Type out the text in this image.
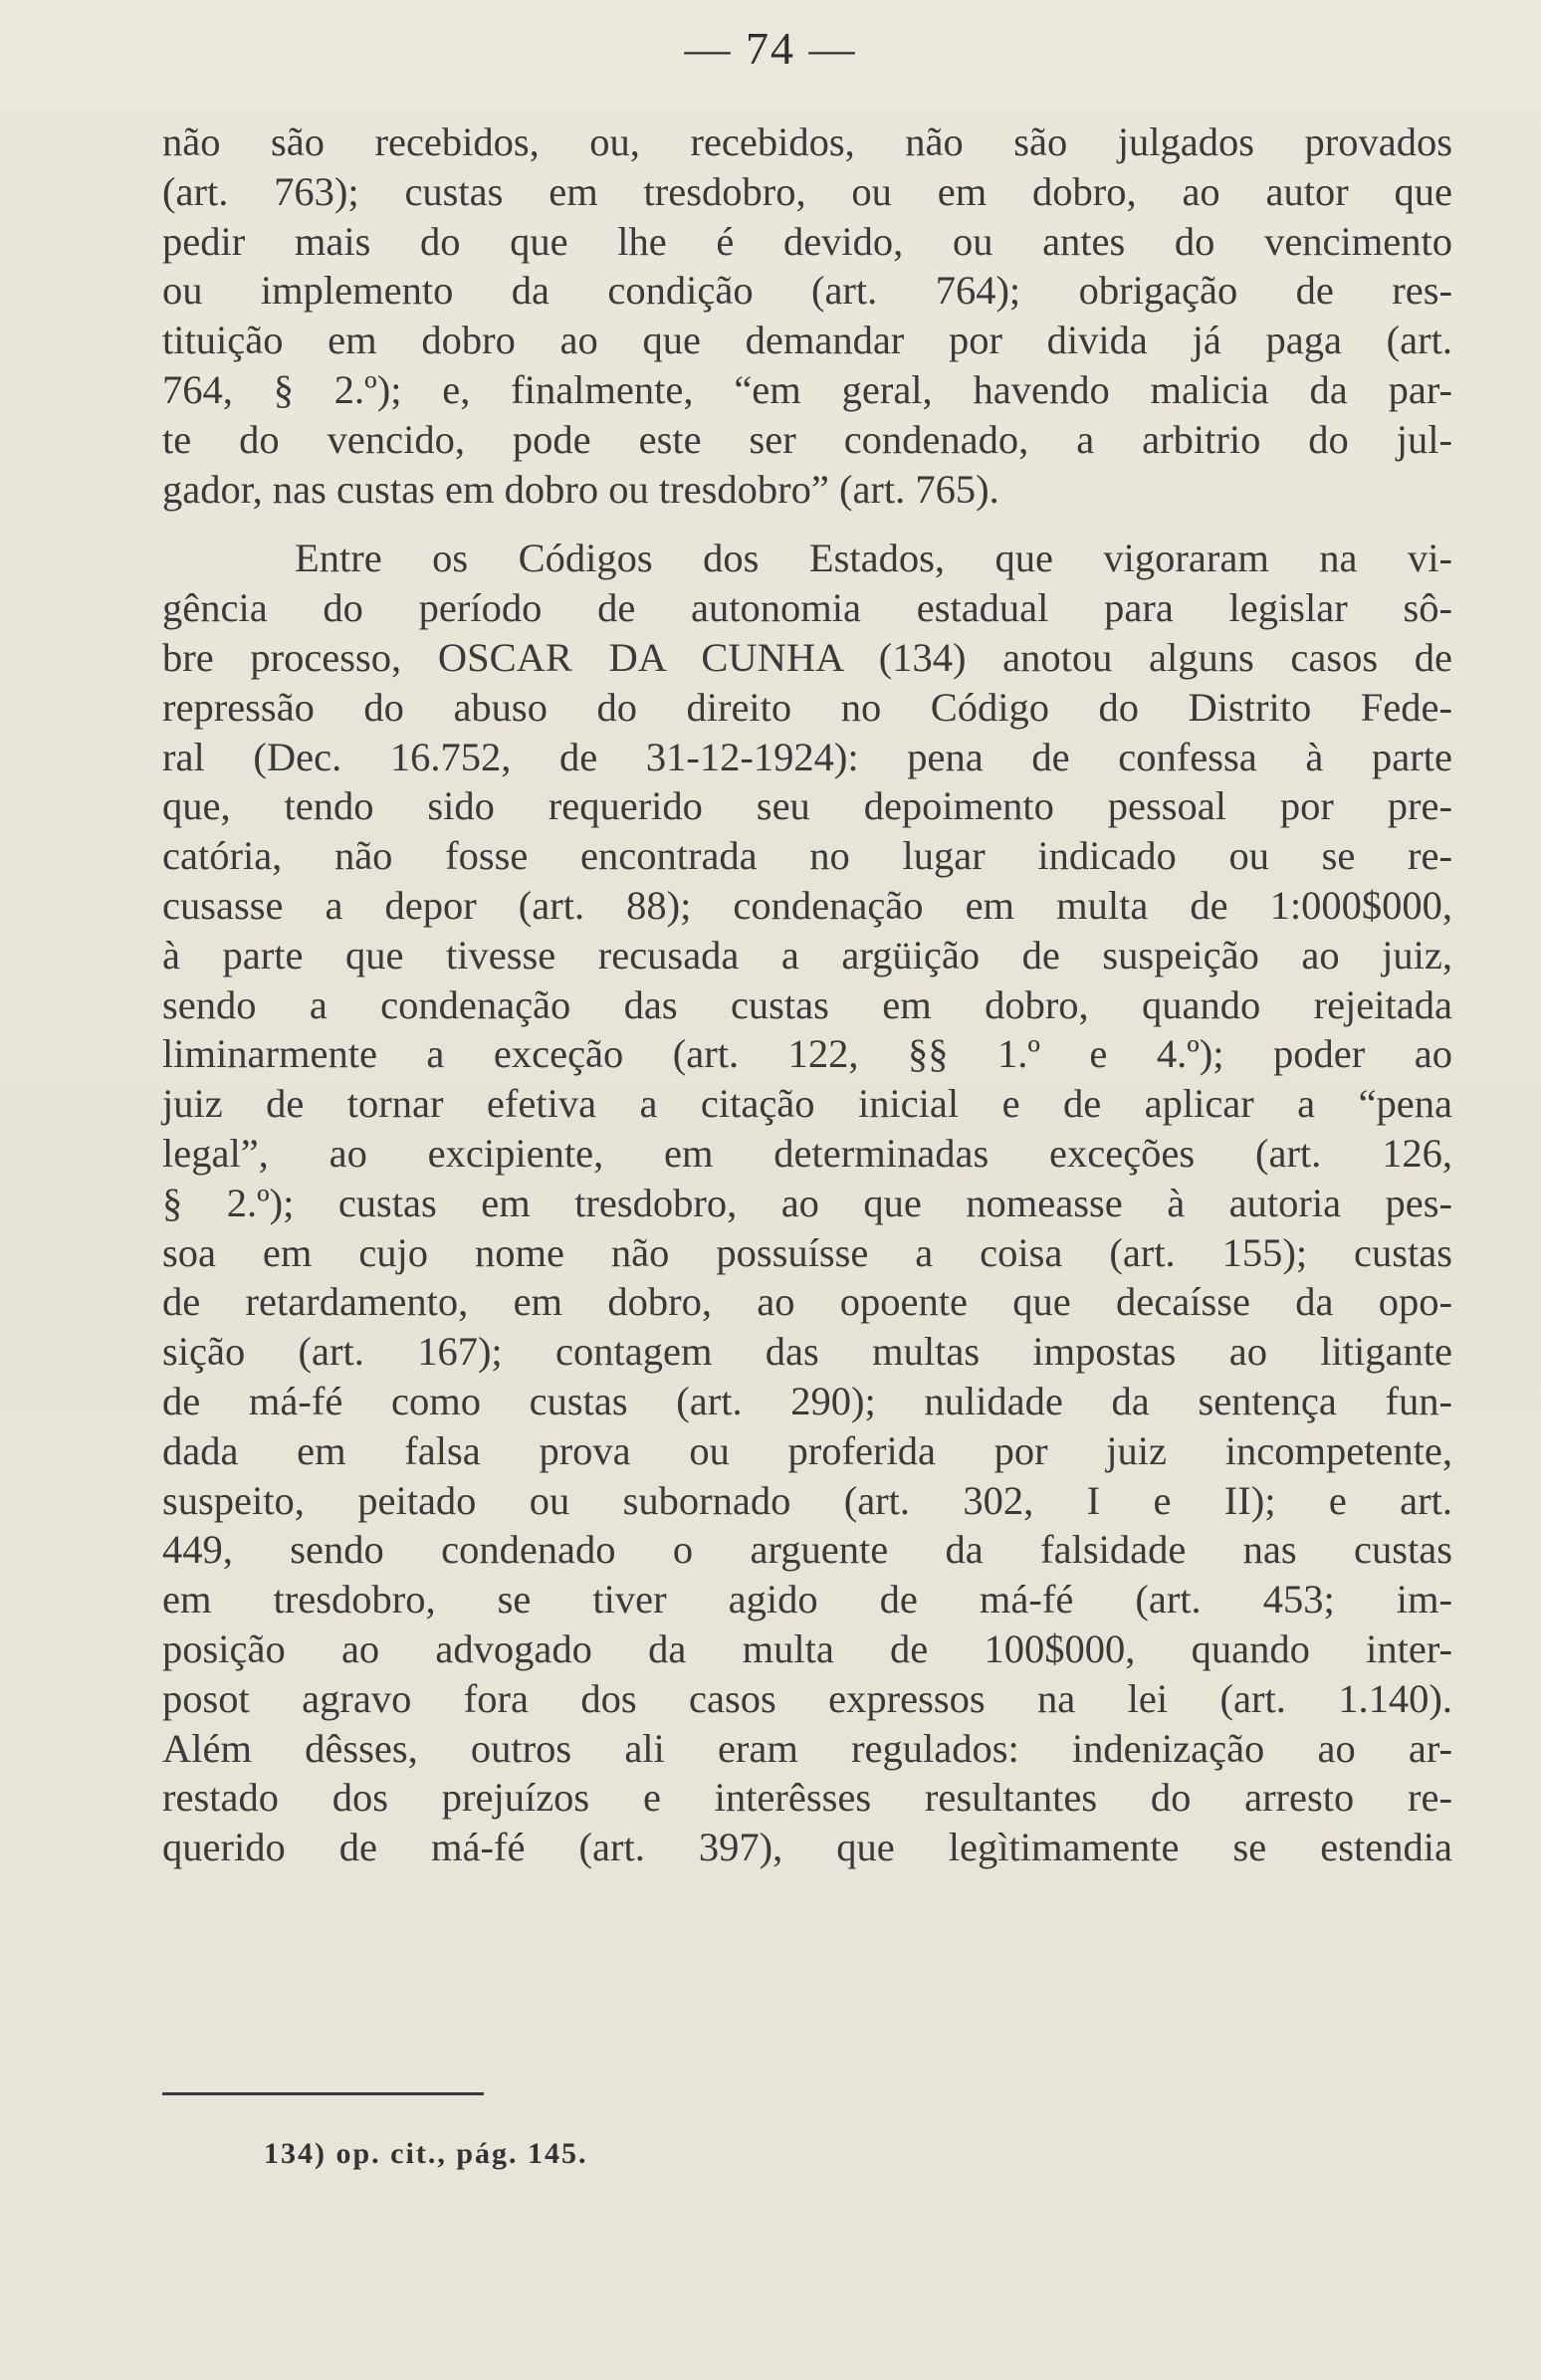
— 74 —
não são recebidos, ou, recebidos, não são julgados provados
(art. 763); custas em tresdobro, ou em dobro, ao autor que
pedir mais do que lhe é devido, ou antes do vencimento
ou implemento da condição (art. 764); obrigação de res-
tituição em dobro ao que demandar por divida já paga (art.
764, § 2.º); e, finalmente, “em geral, havendo malicia da par-
te do vencido, pode este ser condenado, a arbitrio do jul-
gador, nas custas em dobro ou tresdobro” (art. 765).
Entre os Códigos dos Estados, que vigoraram na vi-
gência do período de autonomia estadual para legislar sô-
bre processo, OSCAR DA CUNHA (134) anotou alguns casos de
repressão do abuso do direito no Código do Distrito Fede-
ral (Dec. 16.752, de 31-12-1924): pena de confessa à parte
que, tendo sido requerido seu depoimento pessoal por pre-
catória, não fosse encontrada no lugar indicado ou se re-
cusasse a depor (art. 88); condenação em multa de 1:000$000,
à parte que tivesse recusada a argüição de suspeição ao juiz,
sendo a condenação das custas em dobro, quando rejeitada
liminarmente a exceção (art. 122, §§ 1.º e 4.º); poder ao
juiz de tornar efetiva a citação inicial e de aplicar a “pena
legal”, ao excipiente, em determinadas exceções (art. 126,
§ 2.º); custas em tresdobro, ao que nomeasse à autoria pes-
soa em cujo nome não possuísse a coisa (art. 155); custas
de retardamento, em dobro, ao opoente que decaísse da opo-
sição (art. 167); contagem das multas impostas ao litigante
de má-fé como custas (art. 290); nulidade da sentença fun-
dada em falsa prova ou proferida por juiz incompetente,
suspeito, peitado ou subornado (art. 302, I e II); e art.
449, sendo condenado o arguente da falsidade nas custas
em tresdobro, se tiver agido de má-fé (art. 453; im-
posição ao advogado da multa de 100$000, quando inter-
posot agravo fora dos casos expressos na lei (art. 1.140).
Além dêsses, outros ali eram regulados: indenização ao ar-
restado dos prejuízos e interêsses resultantes do arresto re-
querido de má-fé (art. 397), que legìtimamente se estendia
134) op. cit., pág. 145.
